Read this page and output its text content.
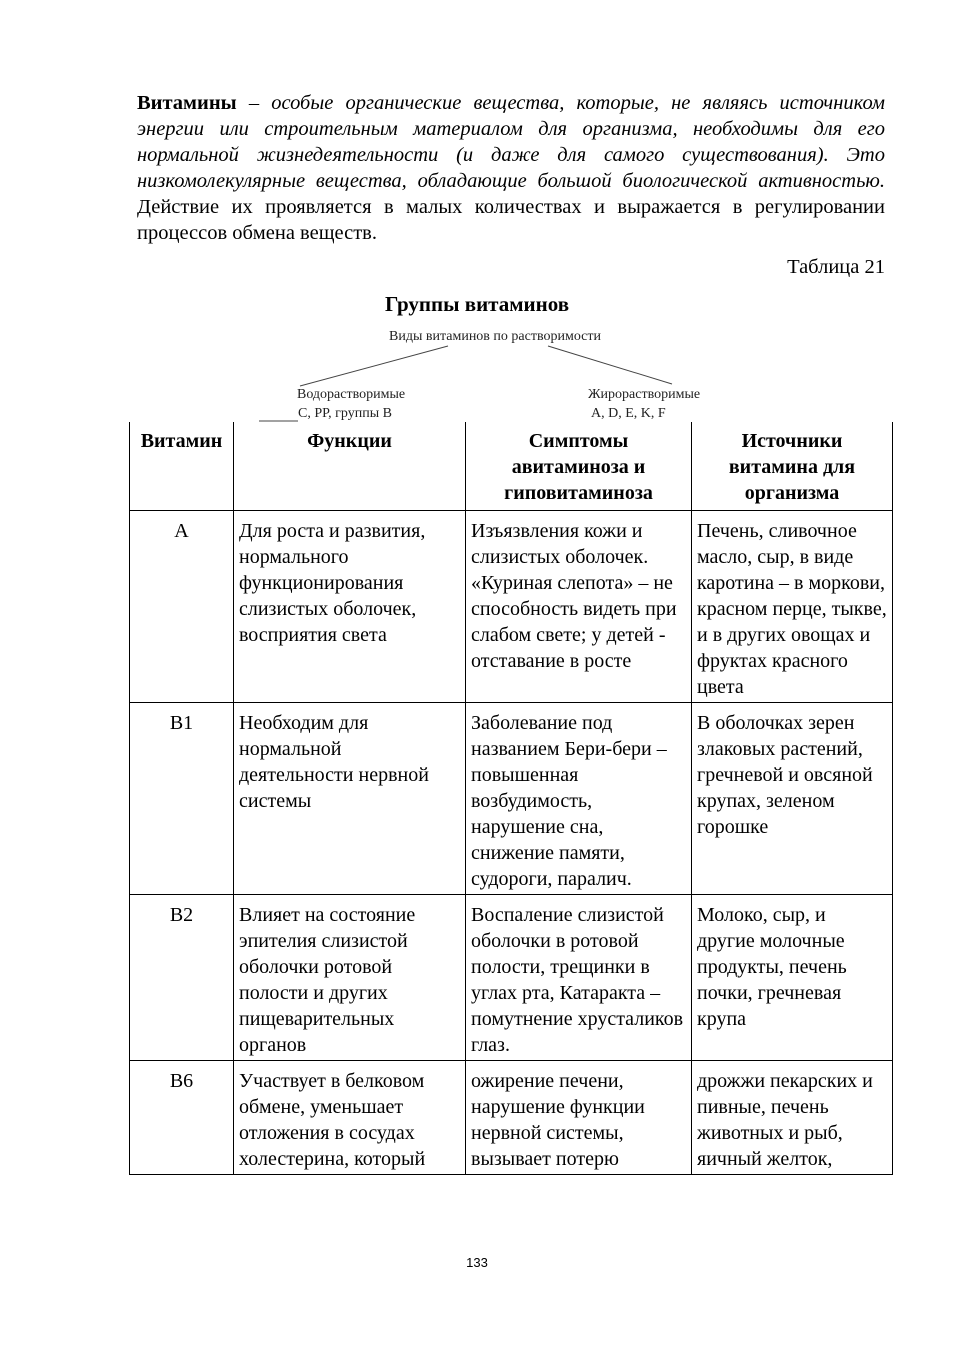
Витамины – особые органические вещества, которые, не являясь источником энергии или строительным материалом для организма, необходимы для его нормальной жизнедеятельности (и даже для самого существования). Это низкомолекулярные вещества, обладающие большой биологической активностью. Действие их проявляется в малых количествах и выражается в регулировании процессов обмена веществ.
Таблица 21
Группы витаминов
Виды витаминов по растворимости
Водорастворимые
С, РР, группы В
Жирорастворимые
A, D, E, K, F
Витамин	Функции	Симптомы авитаминоза и гиповитаминоза	Источники витамина для организма
А	Для роста и развития, нормального функционирования слизистых оболочек, восприятия света	Изъязвления кожи и слизистых оболочек. «Куриная слепота» – не способность видеть при слабом свете; у детей - отставание в росте	Печень, сливочное масло, сыр, в виде каротина – в моркови, красном перце, тыкве, и в других овощах и фруктах красного цвета
В1	Необходим для нормальной деятельности нервной системы	Заболевание под названием Бери-бери – повышенная возбудимость, нарушение сна, снижение памяти, судороги, паралич.	В оболочках зерен злаковых растений, гречневой и овсяной крупах, зеленом горошке
В2	Влияет на состояние эпителия слизистой оболочки ротовой полости и других пищеварительных органов	Воспаление слизистой оболочки в ротовой полости, трещинки в углах рта, Катаракта – помутнение хрусталиков глаз.	Молоко, сыр, и другие молочные продукты, печень почки, гречневая крупа
В6	Участвует в белковом обмене, уменьшает отложения в сосудах холестерина, который	ожирение печени, нарушение функции нервной системы, вызывает потерю	дрожжи пекарских и пивные, печень животных и рыб, яичный желток,
133
